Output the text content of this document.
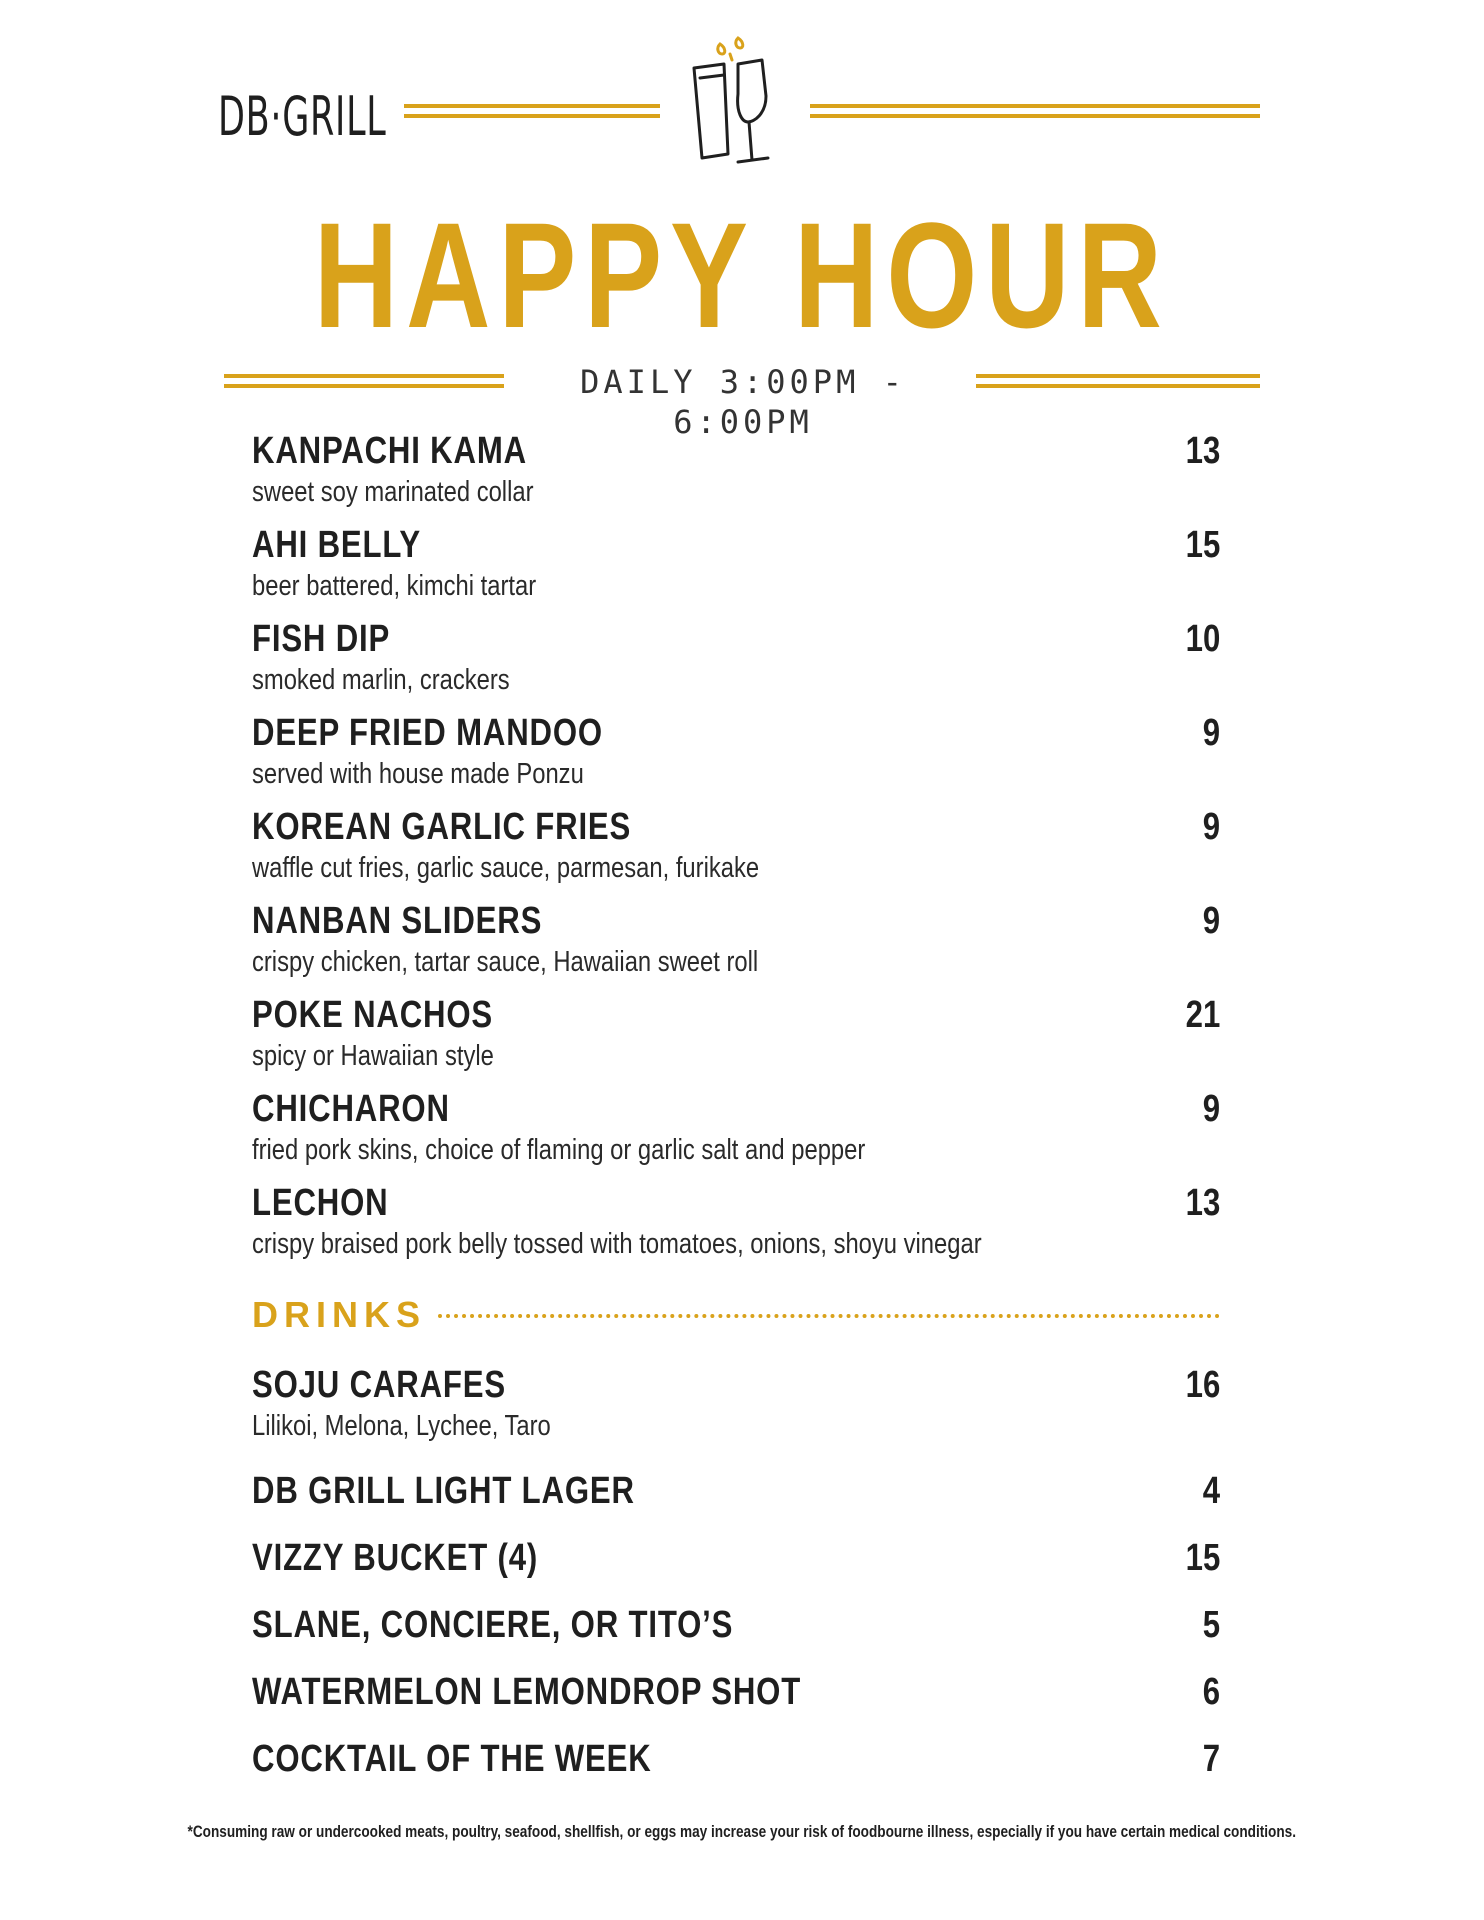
DB·GRILL
HAPPY HOUR
DAILY 3:00PM - 6:00PM
KANPACHI KAMA	13
sweet soy marinated collar
AHI BELLY	15
beer battered, kimchi tartar
FISH DIP	10
smoked marlin, crackers
DEEP FRIED MANDOO	9
served with house made Ponzu
KOREAN GARLIC FRIES	9
waffle cut fries, garlic sauce, parmesan, furikake
NANBAN SLIDERS	9
crispy chicken, tartar sauce, Hawaiian sweet roll
POKE NACHOS	21
spicy or Hawaiian style
CHICHARON	9
fried pork skins, choice of flaming or garlic salt and pepper
LECHON	13
crispy braised pork belly tossed with tomatoes, onions, shoyu vinegar
DRINKS
SOJU CARAFES	16
Lilikoi, Melona, Lychee, Taro
DB GRILL LIGHT LAGER	4
VIZZY BUCKET (4)	15
SLANE, CONCIERE, OR TITO’S	5
WATERMELON LEMONDROP SHOT	6
COCKTAIL OF THE WEEK	7
*Consuming raw or undercooked meats, poultry, seafood, shellfish, or eggs may increase your risk of foodbourne illness, especially if you have certain medical conditions.
